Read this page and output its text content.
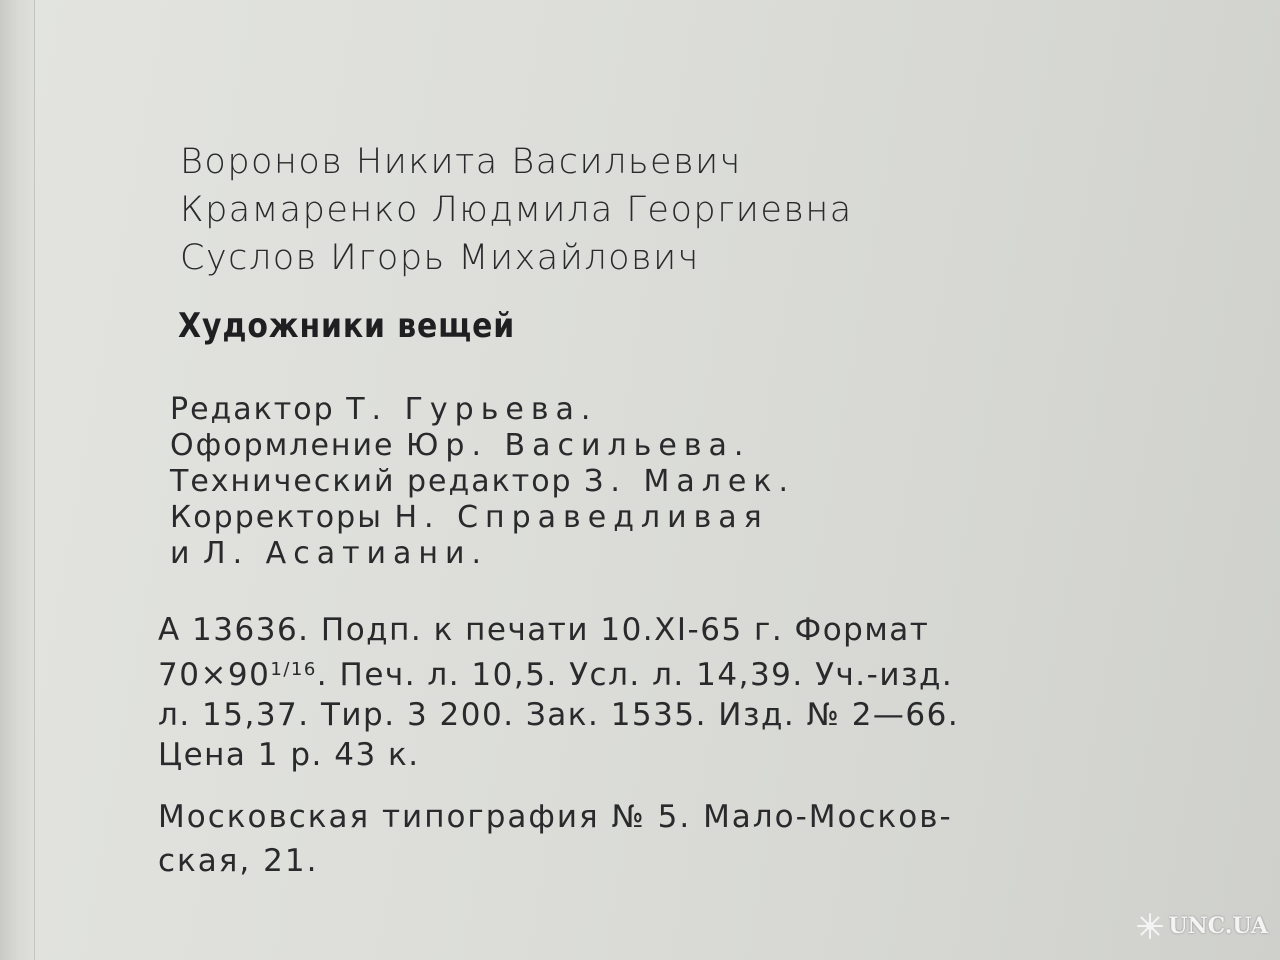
Воронов Никита Васильевич

Крамаренко Людмила Георгиевна

Суслов Игорь Михайлович

Художники вещей

Редактор Т. Гурьева.

Оформление Юр. Васильева.

Технический редактор З. Малек.

Корректоры Н. Справедливая

и Л. Асатиани.

А 13636. Подп. к печати 10.XI-65 г. Формат

$70\times 90^{1/16}$. Печ. л. 10,5. Усл. л. 14,39. Уч.-изд.

л. 15,37. Тир. 3 200. Зак. 1535. Изд. № 2—66.

Цена 1 р. 43 к.

Московская типография № 5. Мало-Москов-

ская, 21.

UNC.UA
